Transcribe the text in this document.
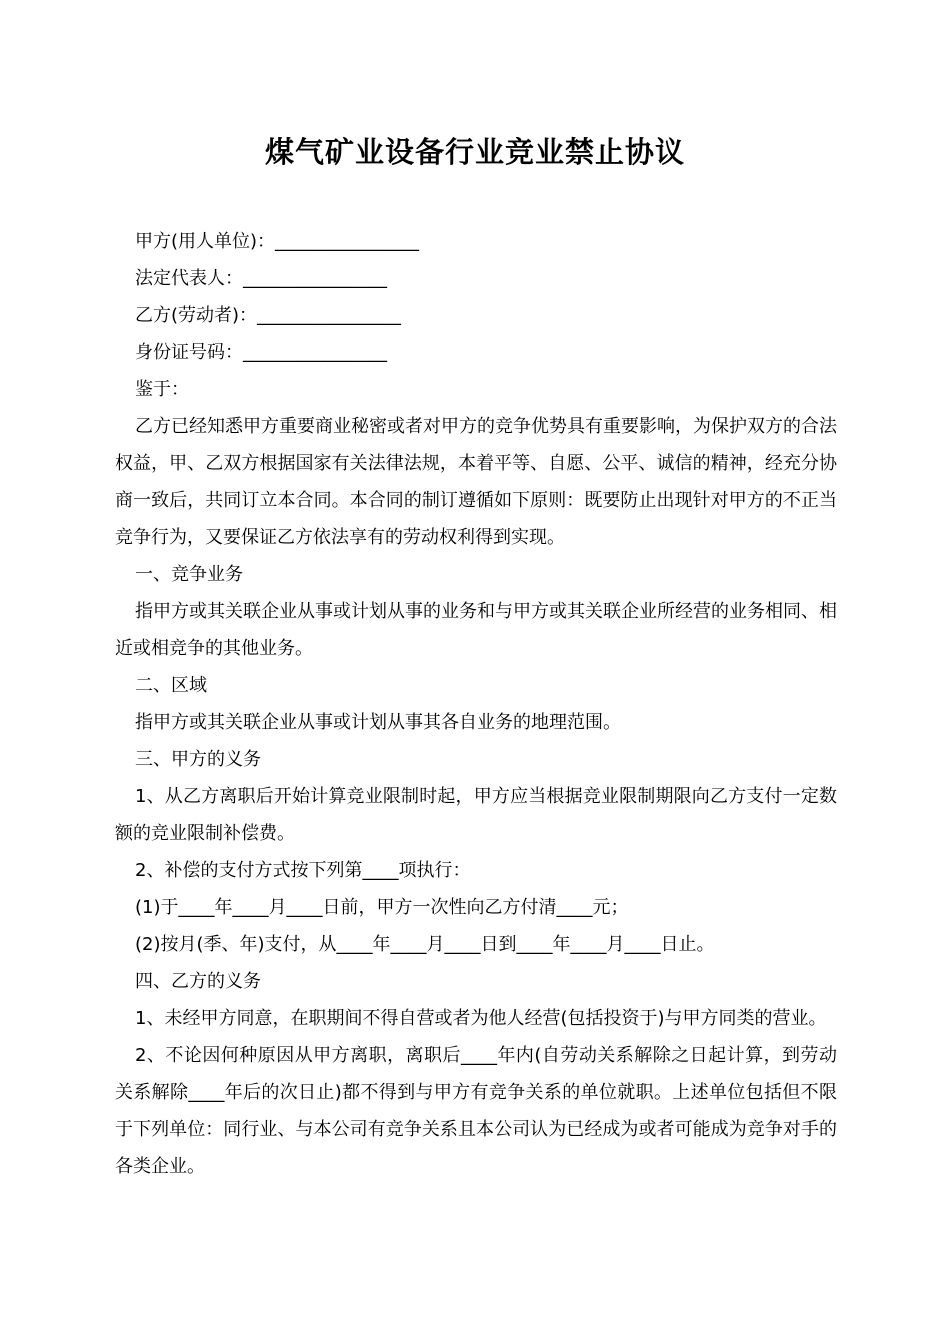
煤气矿业设备行业竞业禁止协议

甲方(用人单位)：________________

法定代表人：________________

乙方(劳动者)：________________

身份证号码：________________

鉴于：

乙方已经知悉甲方重要商业秘密或者对甲方的竞争优势具有重要影响，为保护双方的合法权益，甲、乙双方根据国家有关法律法规，本着平等、自愿、公平、诚信的精神，经充分协商一致后，共同订立本合同。本合同的制订遵循如下原则：既要防止出现针对甲方的不正当竞争行为，又要保证乙方依法享有的劳动权利得到实现。

一、竞争业务

指甲方或其关联企业从事或计划从事的业务和与甲方或其关联企业所经营的业务相同、相近或相竞争的其他业务。

二、区域

指甲方或其关联企业从事或计划从事其各自业务的地理范围。

三、甲方的义务

1、从乙方离职后开始计算竞业限制时起，甲方应当根据竞业限制期限向乙方支付一定数额的竞业限制补偿费。

2、补偿的支付方式按下列第____项执行：

(1)于____年____月____日前，甲方一次性向乙方付清____元；

(2)按月(季、年)支付，从____年____月____日到____年____月____日止。

四、乙方的义务

1、未经甲方同意，在职期间不得自营或者为他人经营(包括投资于)与甲方同类的营业。

2、不论因何种原因从甲方离职，离职后____年内(自劳动关系解除之日起计算，到劳动关系解除____年后的次日止)都不得到与甲方有竞争关系的单位就职。上述单位包括但不限于下列单位：同行业、与本公司有竞争关系且本公司认为已经成为或者可能成为竞争对手的各类企业。
